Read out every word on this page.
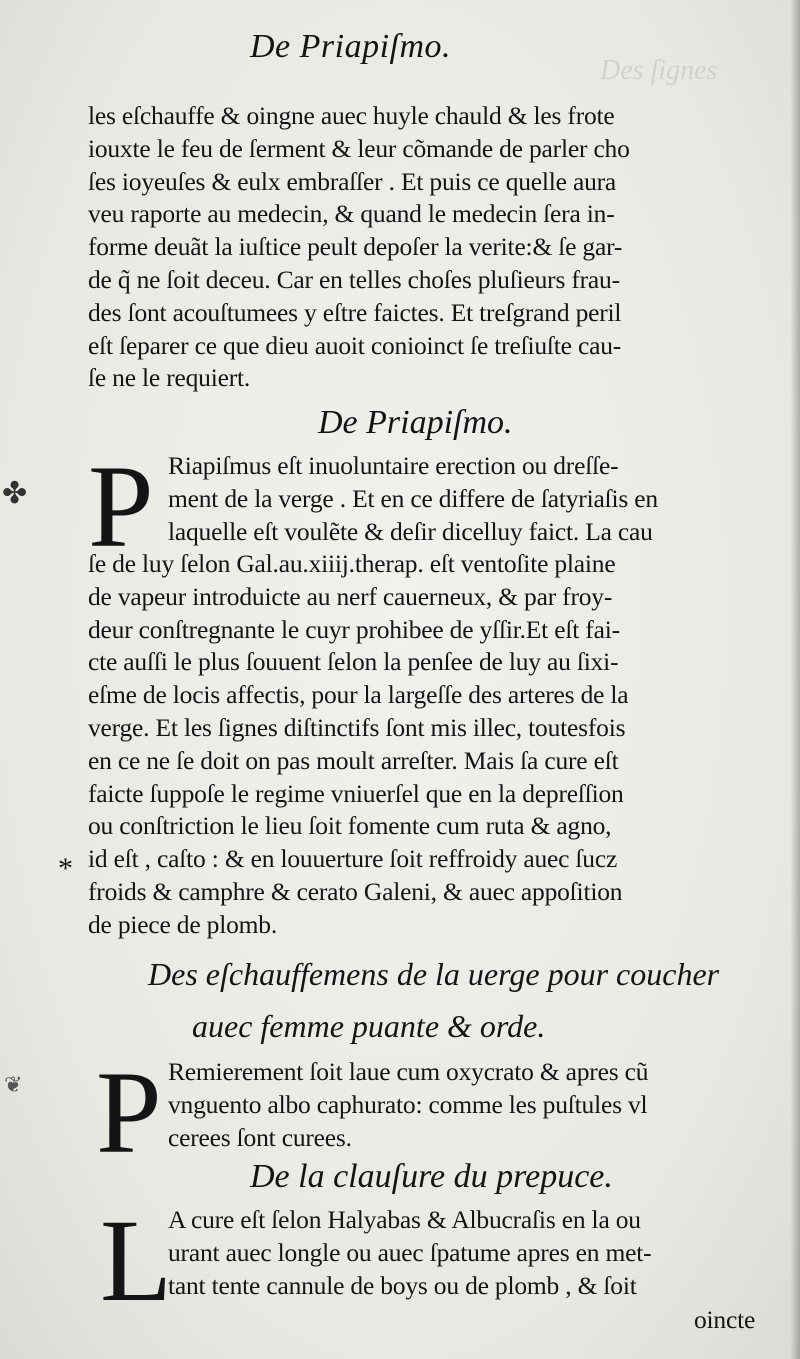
Des ſignes
De Priapiſmo.
les eſchauffe & oingne auec huyle chauld & les frote
iouxte le feu de ſerment & leur cõmande de parler cho
ſes ioyeuſes & eulx embraſſer . Et puis ce quelle aura
veu raporte au medecin, & quand le medecin ſera in-
forme deuãt la iuſtice peult depoſer la verite:& ſe gar-
de q̃ ne ſoit deceu. Car en telles choſes pluſieurs frau-
des ſont acouſtumees y eſtre faictes. Et treſgrand peril
eſt ſeparer ce que dieu auoit conioinct ſe treſiuſte cau-
ſe ne le requiert.
De Priapiſmo.
P Riapiſmus eſt inuoluntaire erection ou dreſſe-
ment de la verge . Et en ce differe de ſatyriaſis en
laquelle eſt voulẽte & deſir dicelluy faict. La cau
ſe de luy ſelon Gal.au.xiiij.therap. eſt ventoſite plaine
de vapeur introduicte au nerf cauerneux, & par froy-
deur conſtregnante le cuyr prohibee de yſſir.Et eſt fai-
cte auſſi le plus ſouuent ſelon la penſee de luy au ſixi-
eſme de locis affectis, pour la largeſſe des arteres de la
verge. Et les ſignes diſtinctifs ſont mis illec, toutesfois
en ce ne ſe doit on pas moult arreſter. Mais ſa cure eſt
faicte ſuppoſe le regime vniuerſel que en la depreſſion
ou conſtriction le lieu ſoit fomente cum ruta & agno,
id eſt , caſto : & en louuerture ſoit reffroidy auec ſucz
froids & camphre & cerato Galeni, & auec appoſition
de piece de plomb.
Des eſchauffemens de la uerge pour coucher
auec femme puante & orde.
P Remierement ſoit laue cum oxycrato & apres cũ
vnguento albo caphurato: comme les puſtules vl
cerees ſont curees.
De la clauſure du prepuce.
L
A cure eſt ſelon Halyabas & Albucraſis en la ou
urant auec longle ou auec ſpatume apres en met-
tant tente cannule de boys ou de plomb , & ſoit
oincte
*
✤
❦
